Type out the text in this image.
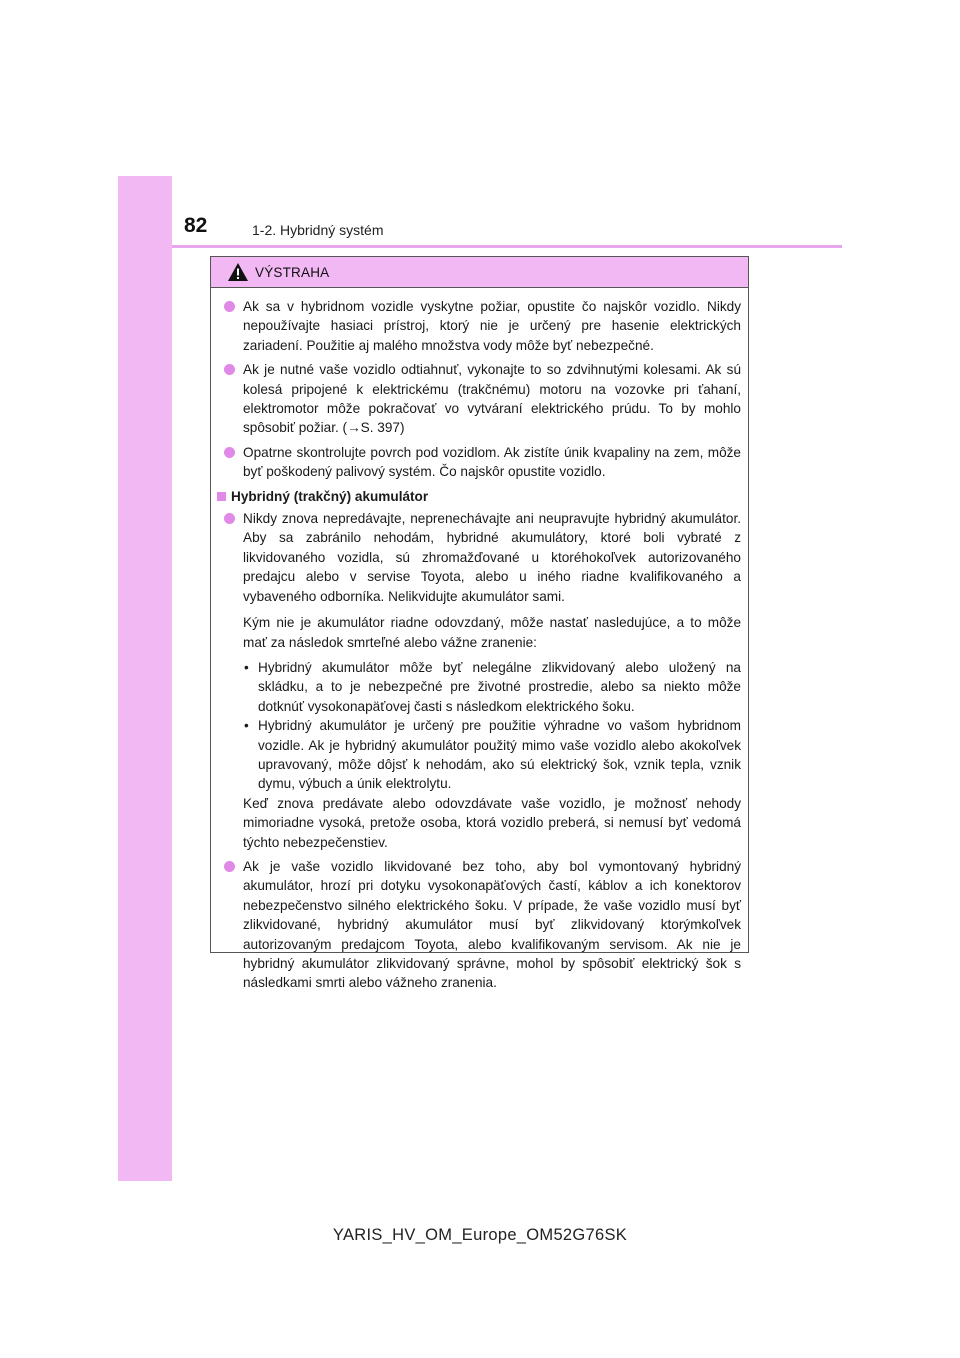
82	1-2. Hybridný systém
VÝSTRAHA
Ak sa v hybridnom vozidle vyskytne požiar, opustite čo najskôr vozidlo. Nikdy nepoužívajte hasiaci prístroj, ktorý nie je určený pre hasenie elektrických zariadení. Použitie aj malého množstva vody môže byť nebezpečné.
Ak je nutné vaše vozidlo odtiahnuť, vykonajte to so zdvihnutými kolesami. Ak sú kolesá pripojené k elektrickému (trakčnému) motoru na vozovke pri ťahaní, elektromotor môže pokračovať vo vytváraní elektrického prúdu. To by mohlo spôsobiť požiar. (→S. 397)
Opatrne skontrolujte povrch pod vozidlom. Ak zistíte únik kvapaliny na zem, môže byť poškodený palivový systém. Čo najskôr opustite vozidlo.
Hybridný (trakčný) akumulátor
Nikdy znova nepredávajte, neprenechávajte ani neupravujte hybridný akumulátor. Aby sa zabránilo nehodám, hybridné akumulátory, ktoré boli vybraté z likvidovaného vozidla, sú zhromažďované u ktoréhokoľvek autorizovaného predajcu alebo v servise Toyota, alebo u iného riadne kvalifikovaného a vybaveného odborníka. Nelikvidujte akumulátor sami.
Kým nie je akumulátor riadne odovzdaný, môže nastať nasledujúce, a to môže mať za následok smrteľné alebo vážne zranenie:
• Hybridný akumulátor môže byť nelegálne zlikvidovaný alebo uložený na skládku, a to je nebezpečné pre životné prostredie, alebo sa niekto môže dotknúť vysokonapäťovej časti s následkom elektrického šoku.
• Hybridný akumulátor je určený pre použitie výhradne vo vašom hybridnom vozidle. Ak je hybridný akumulátor použitý mimo vaše vozidlo alebo akokoľvek upravovaný, môže dôjsť k nehodám, ako sú elektrický šok, vznik tepla, vznik dymu, výbuch a únik elektrolytu.
Keď znova predávate alebo odovzdávate vaše vozidlo, je možnosť nehody mimoriadne vysoká, pretože osoba, ktorá vozidlo preberá, si nemusí byť vedomá týchto nebezpečenstiev.
Ak je vaše vozidlo likvidované bez toho, aby bol vymontovaný hybridný akumulátor, hrozí pri dotyku vysokonapäťových častí, káblov a ich konektorov nebezpečenstvo silného elektrického šoku. V prípade, že vaše vozidlo musí byť zlikvidované, hybridný akumulátor musí byť zlikvidovaný ktorýmkoľvek autorizovaným predajcom Toyota, alebo kvalifikovaným servisom. Ak nie je hybridný akumulátor zlikvidovaný správne, mohol by spôsobiť elektrický šok s následkami smrti alebo vážneho zranenia.
YARIS_HV_OM_Europe_OM52G76SK
